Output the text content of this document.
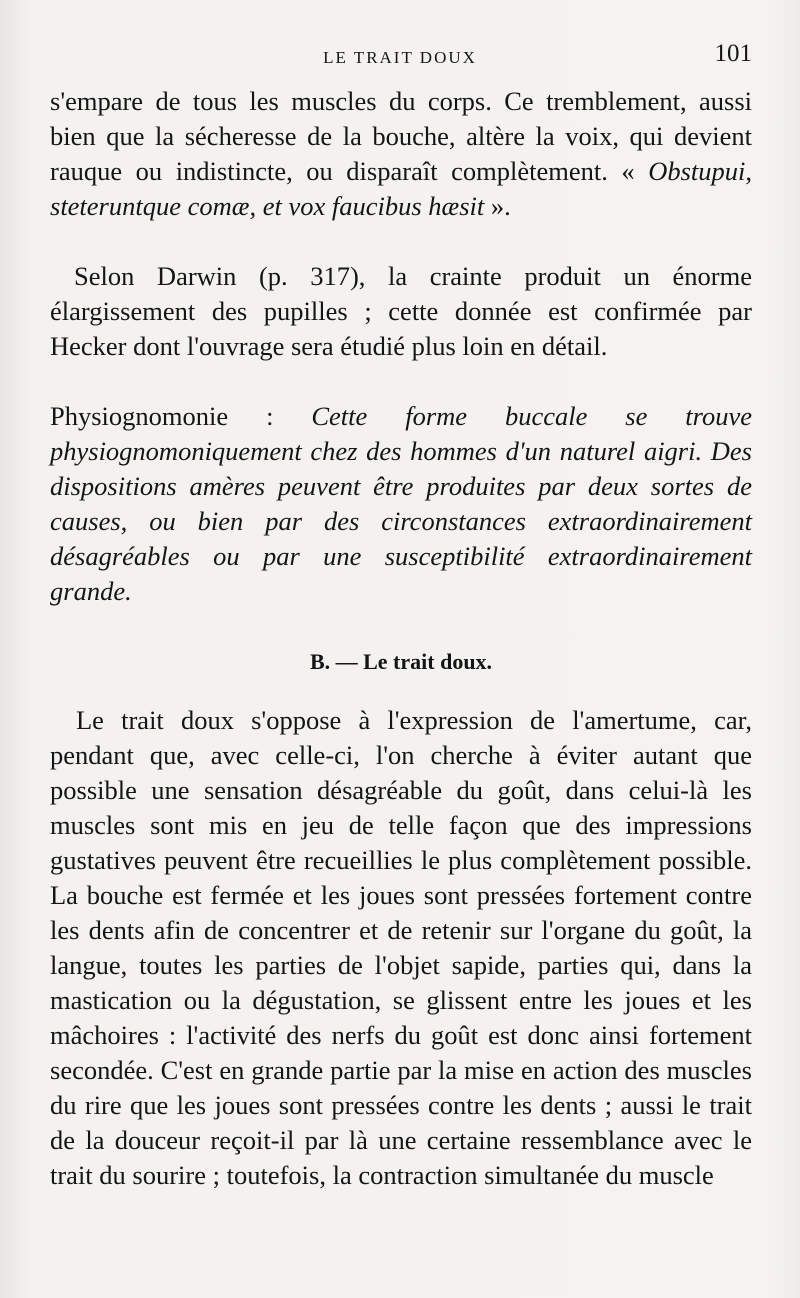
LE TRAIT DOUX	101

s'empare de tous les muscles du corps. Ce tremblement, aussi bien que la sécheresse de la bouche, altère la voix, qui devient rauque ou indistincte, ou disparaît complètement. « Obstupui, steteruntque comæ, et vox faucibus hæsit ».

Selon Darwin (p. 317), la crainte produit un énorme élargissement des pupilles ; cette donnée est confirmée par Hecker dont l'ouvrage sera étudié plus loin en détail.

Physiognomonie : Cette forme buccale se trouve physiognomoniquement chez des hommes d'un naturel aigri. Des dispositions amères peuvent être produites par deux sortes de causes, ou bien par des circonstances extraordinairement désagréables ou par une susceptibilité extraordinairement grande.

B. — Le trait doux.

Le trait doux s'oppose à l'expression de l'amertume, car, pendant que, avec celle-ci, l'on cherche à éviter autant que possible une sensation désagréable du goût, dans celui-là les muscles sont mis en jeu de telle façon que des impressions gustatives peuvent être recueillies le plus complètement possible. La bouche est fermée et les joues sont pressées fortement contre les dents afin de concentrer et de retenir sur l'organe du goût, la langue, toutes les parties de l'objet sapide, parties qui, dans la mastication ou la dégustation, se glissent entre les joues et les mâchoires : l'activité des nerfs du goût est donc ainsi fortement secondée. C'est en grande partie par la mise en action des muscles du rire que les joues sont pressées contre les dents ; aussi le trait de la douceur reçoit-il par là une certaine ressemblance avec le trait du sourire ; toutefois, la contraction simultanée du muscle
